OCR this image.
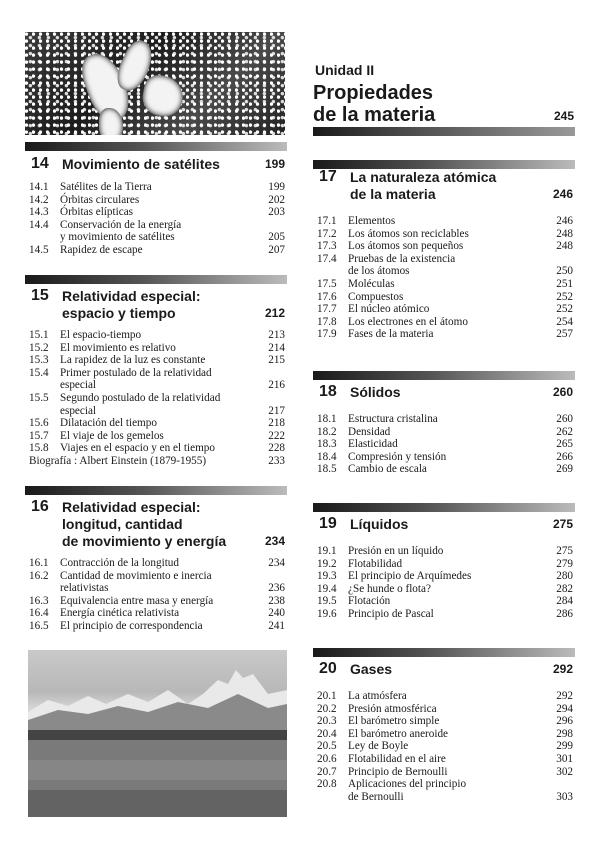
Unidad II
Propiedades
de la materia	245
14 Movimiento de satélites	199
14.1	Satélites de la Tierra	199
14.2	Órbitas circulares	202
14.3	Órbitas elípticas	203
14.4	Conservación de la energía
y movimiento de satélites	205
14.5	Rapidez de escape	207
15 Relatividad especial:
espacio y tiempo	212
15.1	El espacio-tiempo	213
15.2	El movimiento es relativo	214
15.3	La rapidez de la luz es constante	215
15.4	Primer postulado de la relatividad
especial	216
15.5	Segundo postulado de la relatividad
especial	217
15.6	Dilatación del tiempo	218
15.7	El viaje de los gemelos	222
15.8	Viajes en el espacio y en el tiempo	228
Biografía : Albert Einstein (1879-1955)	233
16 Relatividad especial:
longitud, cantidad
de movimiento y energía	234
16.1	Contracción de la longitud	234
16.2	Cantidad de movimiento e inercia
relativistas	236
16.3	Equivalencia entre masa y energía	238
16.4	Energía cinética relativista	240
16.5	El principio de correspondencia	241
17 La naturaleza atómica
de la materia	246
17.1	Elementos	246
17.2	Los átomos son reciclables	248
17.3	Los átomos son pequeños	248
17.4	Pruebas de la existencia
de los átomos	250
17.5	Moléculas	251
17.6	Compuestos	252
17.7	El núcleo atómico	252
17.8	Los electrones en el átomo	254
17.9	Fases de la materia	257
18 Sólidos	260
18.1	Estructura cristalina	260
18.2	Densidad	262
18.3	Elasticidad	265
18.4	Compresión y tensión	266
18.5	Cambio de escala	269
19 Líquidos	275
19.1	Presión en un líquido	275
19.2	Flotabilidad	279
19.3	El principio de Arquímedes	280
19.4	¿Se hunde o flota?	282
19.5	Flotación	284
19.6	Principio de Pascal	286
20 Gases	292
20.1	La atmósfera	292
20.2	Presión atmosférica	294
20.3	El barómetro simple	296
20.4	El barómetro aneroide	298
20.5	Ley de Boyle	299
20.6	Flotabilidad en el aire	301
20.7	Principio de Bernoulli	302
20.8	Aplicaciones del principio
de Bernoulli	303
